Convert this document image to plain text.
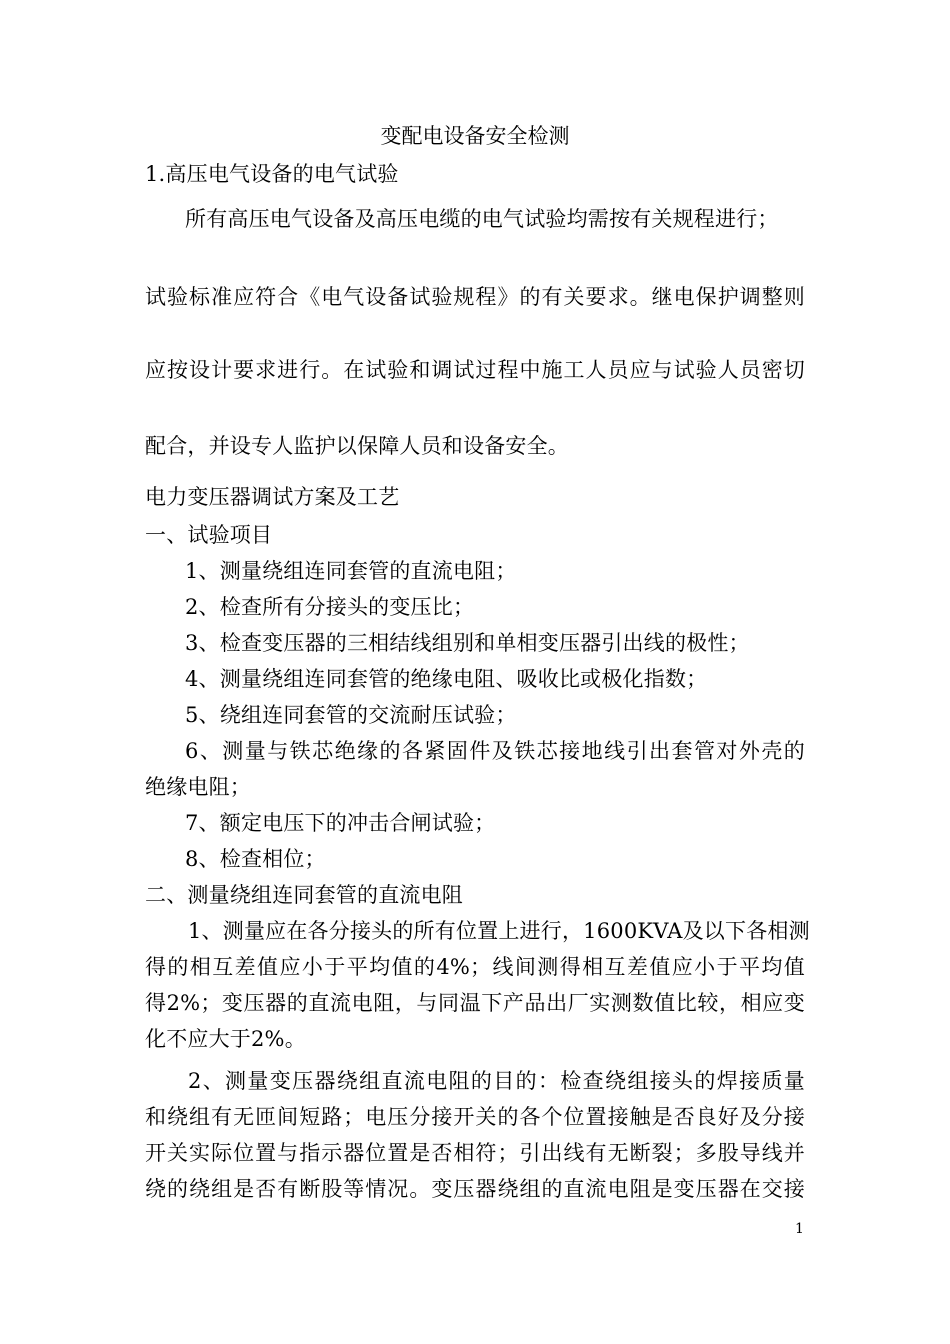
变配电设备安全检测
1.高压电气设备的电气试验
所有高压电气设备及高压电缆的电气试验均需按有关规程进行；
试验标准应符合《电气设备试验规程》的有关要求。继电保护调整则
应按设计要求进行。在试验和调试过程中施工人员应与试验人员密切
配合，并设专人监护以保障人员和设备安全。
电力变压器调试方案及工艺
一、试验项目
1、测量绕组连同套管的直流电阻；
2、检查所有分接头的变压比；
3、检查变压器的三相结线组别和单相变压器引出线的极性；
4、测量绕组连同套管的绝缘电阻、吸收比或极化指数；
5、绕组连同套管的交流耐压试验；
6、测量与铁芯绝缘的各紧固件及铁芯接地线引出套管对外壳的
绝缘电阻；
7、额定电压下的冲击合闸试验；
8、检查相位；
二、测量绕组连同套管的直流电阻
1、测量应在各分接头的所有位置上进行，1600KVA及以下各相测
得的相互差值应小于平均值的4%；线间测得相互差值应小于平均值
得2%；变压器的直流电阻，与同温下产品出厂实测数值比较，相应变
化不应大于2%。
2、测量变压器绕组直流电阻的目的：检查绕组接头的焊接质量
和绕组有无匝间短路；电压分接开关的各个位置接触是否良好及分接
开关实际位置与指示器位置是否相符；引出线有无断裂；多股导线并
绕的绕组是否有断股等情况。变压器绕组的直流电阻是变压器在交接
1
